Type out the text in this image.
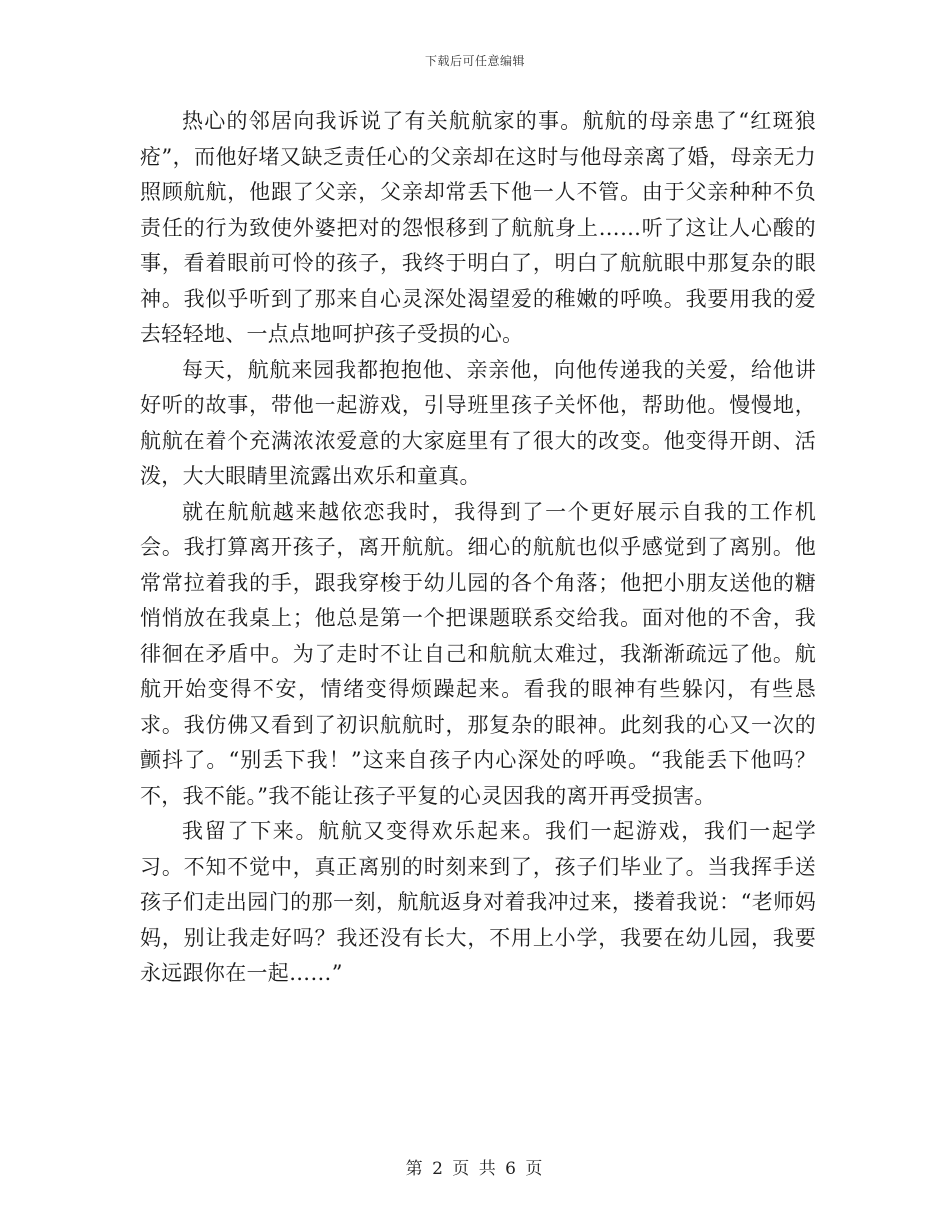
下载后可任意编辑

热心的邻居向我诉说了有关航航家的事。航航的母亲患了“红斑狼疮”，而他好堵又缺乏责任心的父亲却在这时与他母亲离了婚，母亲无力照顾航航，他跟了父亲，父亲却常丢下他一人不管。由于父亲种种不负责任的行为致使外婆把对的怨恨移到了航航身上……听了这让人心酸的事，看着眼前可怜的孩子，我终于明白了，明白了航航眼中那复杂的眼神。我似乎听到了那来自心灵深处渴望爱的稚嫩的呼唤。我要用我的爱去轻轻地、一点点地呵护孩子受损的心。

每天，航航来园我都抱抱他、亲亲他，向他传递我的关爱，给他讲好听的故事，带他一起游戏，引导班里孩子关怀他，帮助他。慢慢地，航航在着个充满浓浓爱意的大家庭里有了很大的改变。他变得开朗、活泼，大大眼睛里流露出欢乐和童真。

就在航航越来越依恋我时，我得到了一个更好展示自我的工作机会。我打算离开孩子，离开航航。细心的航航也似乎感觉到了离别。他常常拉着我的手，跟我穿梭于幼儿园的各个角落；他把小朋友送他的糖悄悄放在我桌上；他总是第一个把课题联系交给我。面对他的不舍，我徘徊在矛盾中。为了走时不让自己和航航太难过，我渐渐疏远了他。航航开始变得不安，情绪变得烦躁起来。看我的眼神有些躲闪，有些恳求。我仿佛又看到了初识航航时，那复杂的眼神。此刻我的心又一次的颤抖了。“别丢下我！”这来自孩子内心深处的呼唤。“我能丢下他吗？不，我不能。”我不能让孩子平复的心灵因我的离开再受损害。

我留了下来。航航又变得欢乐起来。我们一起游戏，我们一起学习。不知不觉中，真正离别的时刻来到了，孩子们毕业了。当我挥手送孩子们走出园门的那一刻，航航返身对着我冲过来，搂着我说：“老师妈妈，别让我走好吗？我还没有长大，不用上小学，我要在幼儿园，我要永远跟你在一起……”

第 2 页 共 6 页
